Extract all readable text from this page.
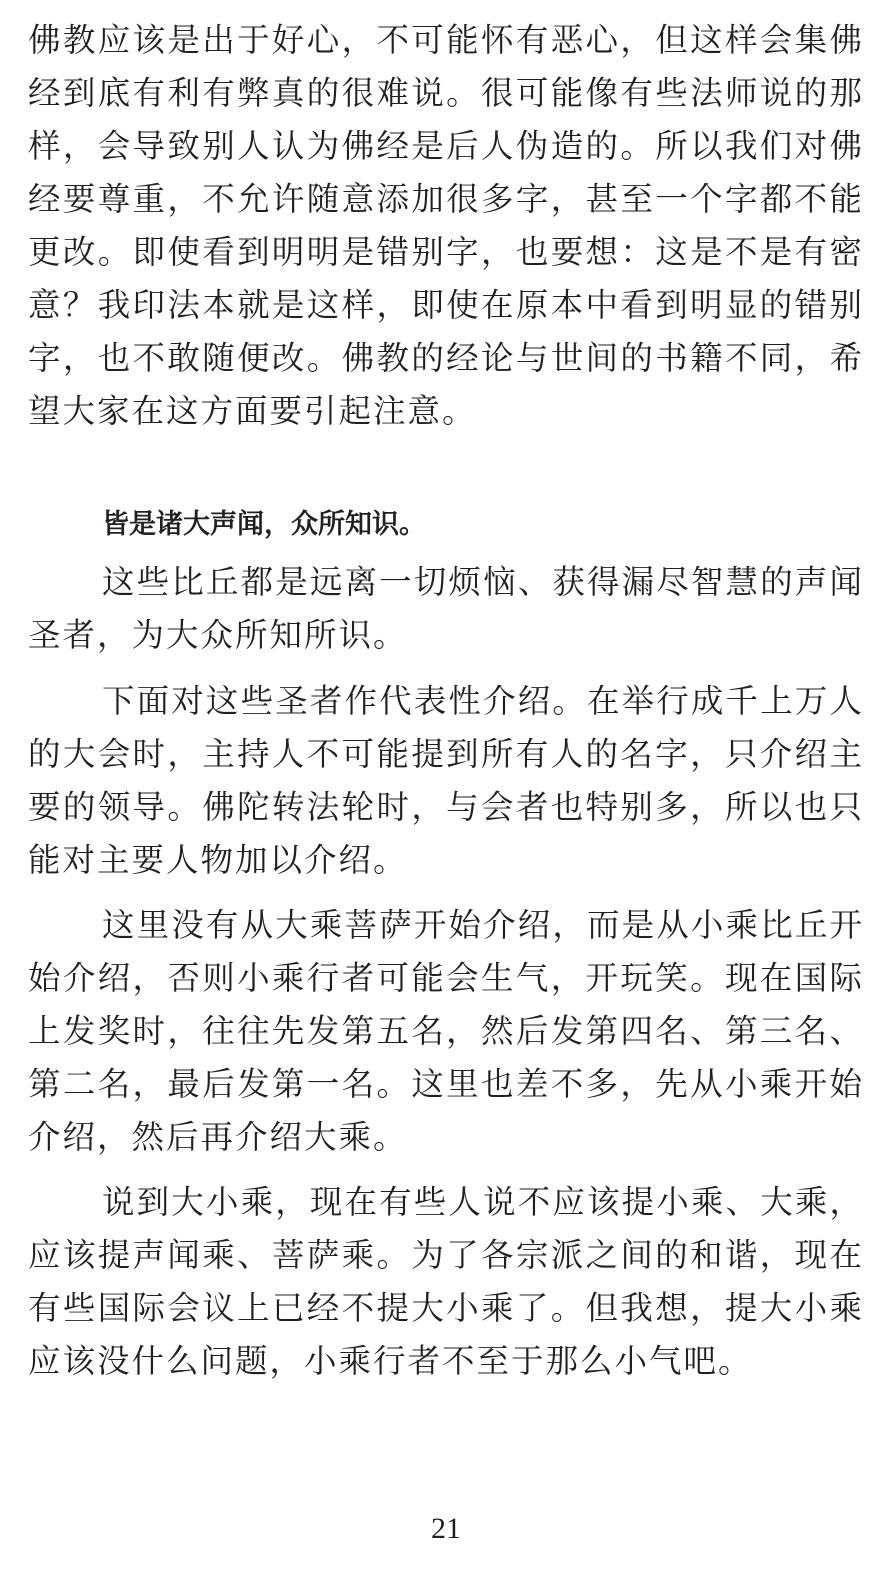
佛教应该是出于好心，不可能怀有恶心，但这样会集佛经到底有利有弊真的很难说。很可能像有些法师说的那样，会导致别人认为佛经是后人伪造的。所以我们对佛经要尊重，不允许随意添加很多字，甚至一个字都不能更改。即使看到明明是错别字，也要想：这是不是有密意？我印法本就是这样，即使在原本中看到明显的错别字，也不敢随便改。佛教的经论与世间的书籍不同，希望大家在这方面要引起注意。

皆是诸大声闻，众所知识。

这些比丘都是远离一切烦恼、获得漏尽智慧的声闻圣者，为大众所知所识。

下面对这些圣者作代表性介绍。在举行成千上万人的大会时，主持人不可能提到所有人的名字，只介绍主要的领导。佛陀转法轮时，与会者也特别多，所以也只能对主要人物加以介绍。

这里没有从大乘菩萨开始介绍，而是从小乘比丘开始介绍，否则小乘行者可能会生气，开玩笑。现在国际上发奖时，往往先发第五名，然后发第四名、第三名、第二名，最后发第一名。这里也差不多，先从小乘开始介绍，然后再介绍大乘。

说到大小乘，现在有些人说不应该提小乘、大乘，应该提声闻乘、菩萨乘。为了各宗派之间的和谐，现在有些国际会议上已经不提大小乘了。但我想，提大小乘应该没什么问题，小乘行者不至于那么小气吧。

21
